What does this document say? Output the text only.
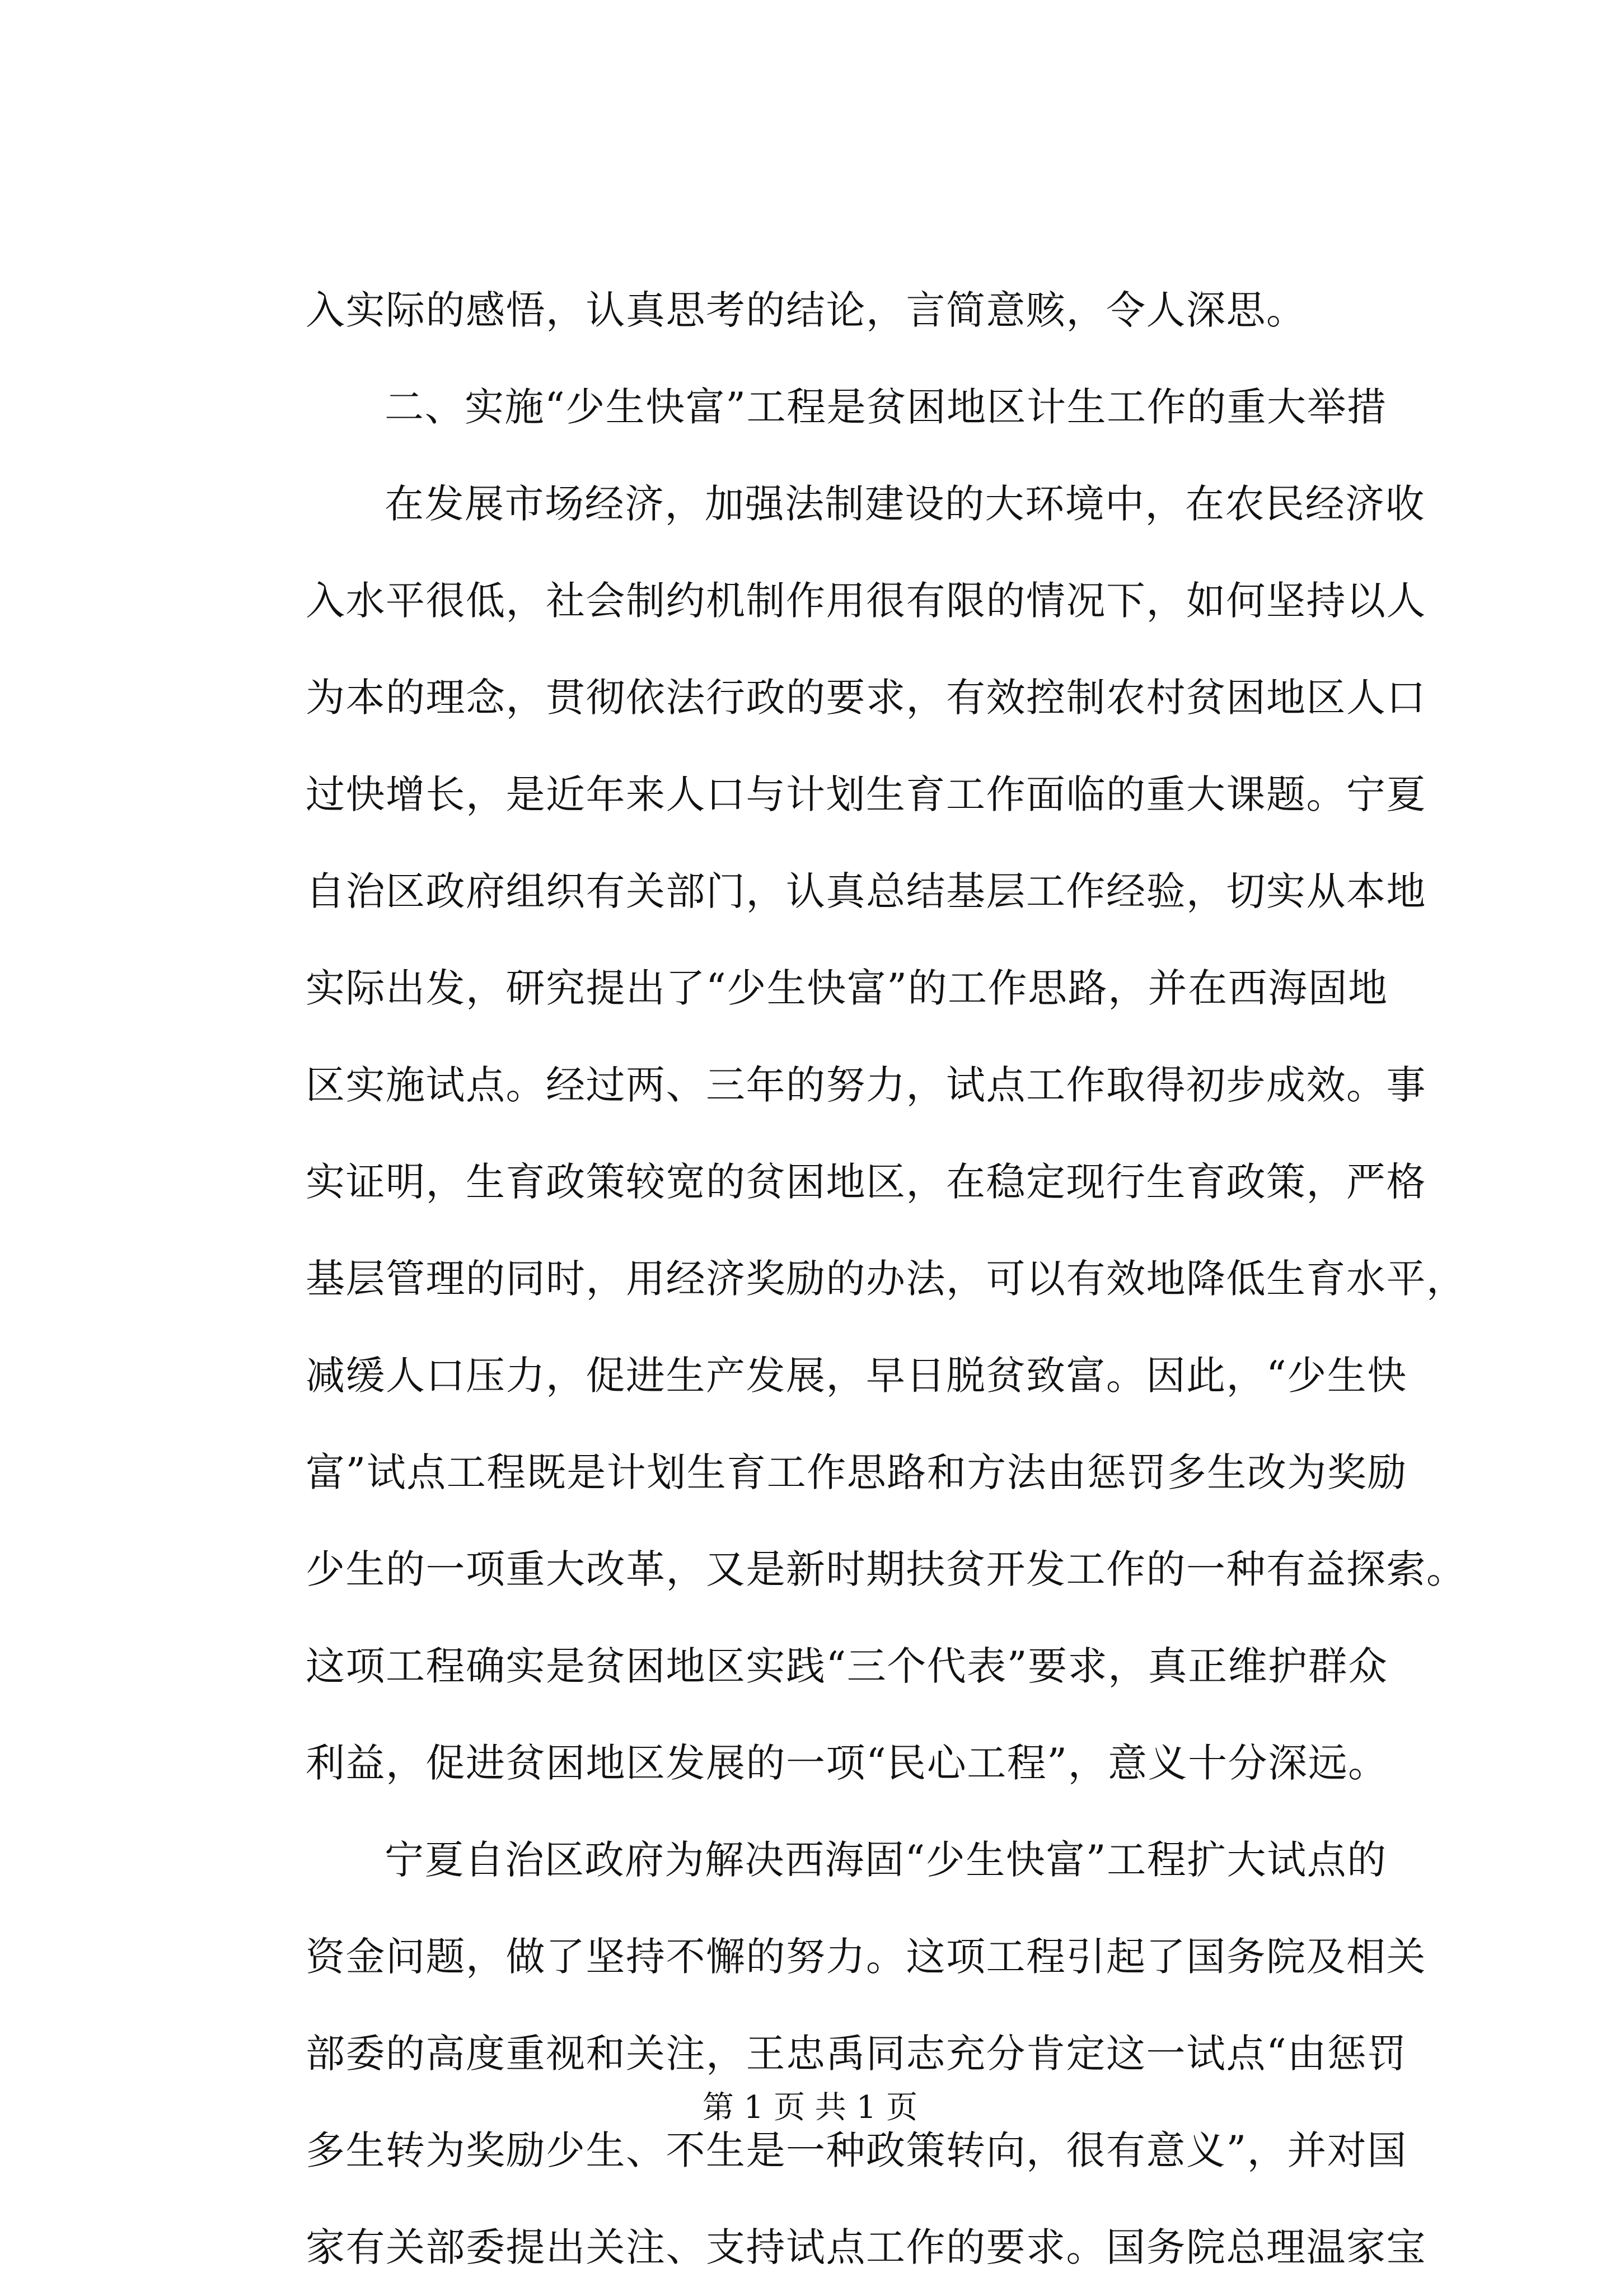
入实际的感悟，认真思考的结论，言简意赅，令人深思。
二、实施“少生快富”工程是贫困地区计生工作的重大举措
在发展市场经济，加强法制建设的大环境中，在农民经济收
入水平很低，社会制约机制作用很有限的情况下，如何坚持以人
为本的理念，贯彻依法行政的要求，有效控制农村贫困地区人口
过快增长，是近年来人口与计划生育工作面临的重大课题。宁夏
自治区政府组织有关部门，认真总结基层工作经验，切实从本地
实际出发，研究提出了“少生快富”的工作思路，并在西海固地
区实施试点。经过两、三年的努力，试点工作取得初步成效。事
实证明，生育政策较宽的贫困地区，在稳定现行生育政策，严格
基层管理的同时，用经济奖励的办法，可以有效地降低生育水平，
减缓人口压力，促进生产发展，早日脱贫致富。因此，“少生快
富”试点工程既是计划生育工作思路和方法由惩罚多生改为奖励
少生的一项重大改革，又是新时期扶贫开发工作的一种有益探索。
这项工程确实是贫困地区实践“三个代表”要求，真正维护群众
利益，促进贫困地区发展的一项“民心工程”，意义十分深远。
宁夏自治区政府为解决西海固“少生快富”工程扩大试点的
资金问题，做了坚持不懈的努力。这项工程引起了国务院及相关
部委的高度重视和关注，王忠禹同志充分肯定这一试点“由惩罚
多生转为奖励少生、不生是一种政策转向，很有意义”，并对国
家有关部委提出关注、支持试点工作的要求。国务院总理温家宝
第 1 页 共 1 页
